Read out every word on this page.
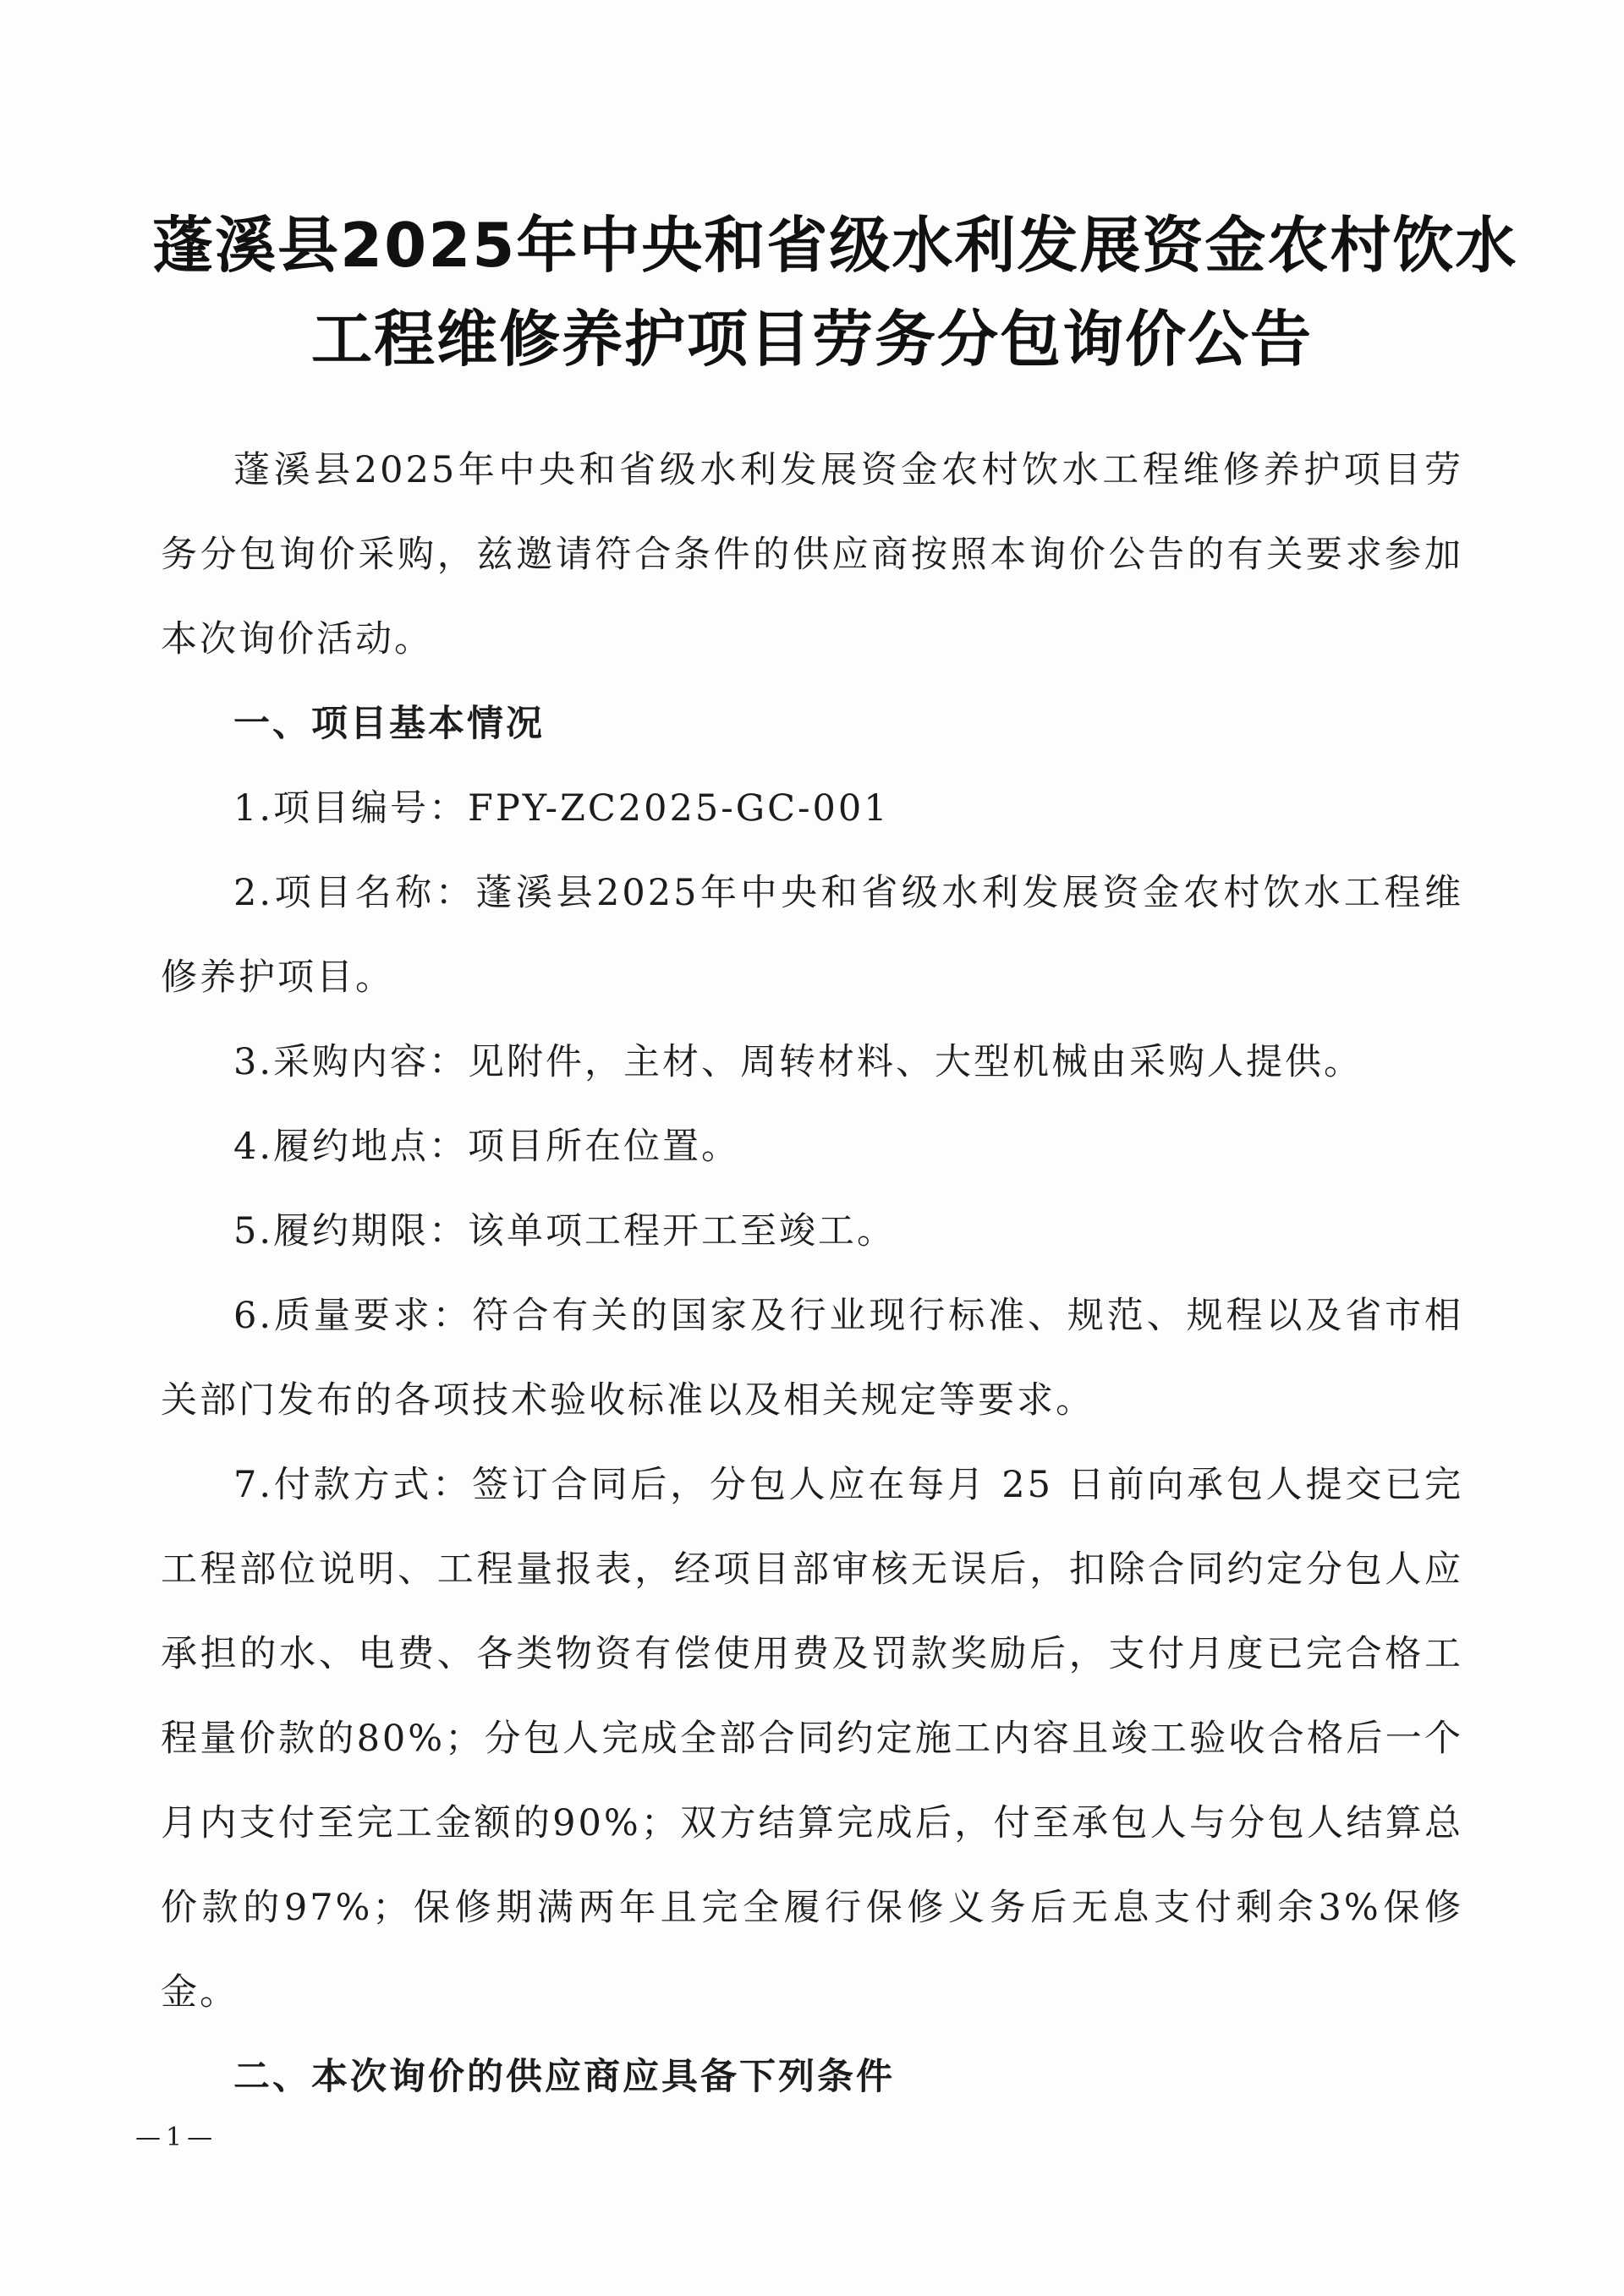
蓬溪县2025年中央和省级水利发展资金农村饮水
工程维修养护项目劳务分包询价公告

蓬溪县2025年中央和省级水利发展资金农村饮水工程维修养护项目劳务分包询价采购，兹邀请符合条件的供应商按照本询价公告的有关要求参加本次询价活动。

一、项目基本情况

1.项目编号：FPY-ZC2025-GC-001

2.项目名称：蓬溪县2025年中央和省级水利发展资金农村饮水工程维修养护项目。

3.采购内容：见附件，主材、周转材料、大型机械由采购人提供。

4.履约地点：项目所在位置。

5.履约期限：该单项工程开工至竣工。

6.质量要求：符合有关的国家及行业现行标准、规范、规程以及省市相关部门发布的各项技术验收标准以及相关规定等要求。

7.付款方式：签订合同后，分包人应在每月 25 日前向承包人提交已完工程部位说明、工程量报表，经项目部审核无误后，扣除合同约定分包人应承担的水、电费、各类物资有偿使用费及罚款奖励后，支付月度已完合格工程量价款的80%；分包人完成全部合同约定施工内容且竣工验收合格后一个月内支付至完工金额的90%；双方结算完成后，付至承包人与分包人结算总价款的97%；保修期满两年且完全履行保修义务后无息支付剩余3%保修金。

二、本次询价的供应商应具备下列条件

—1—
